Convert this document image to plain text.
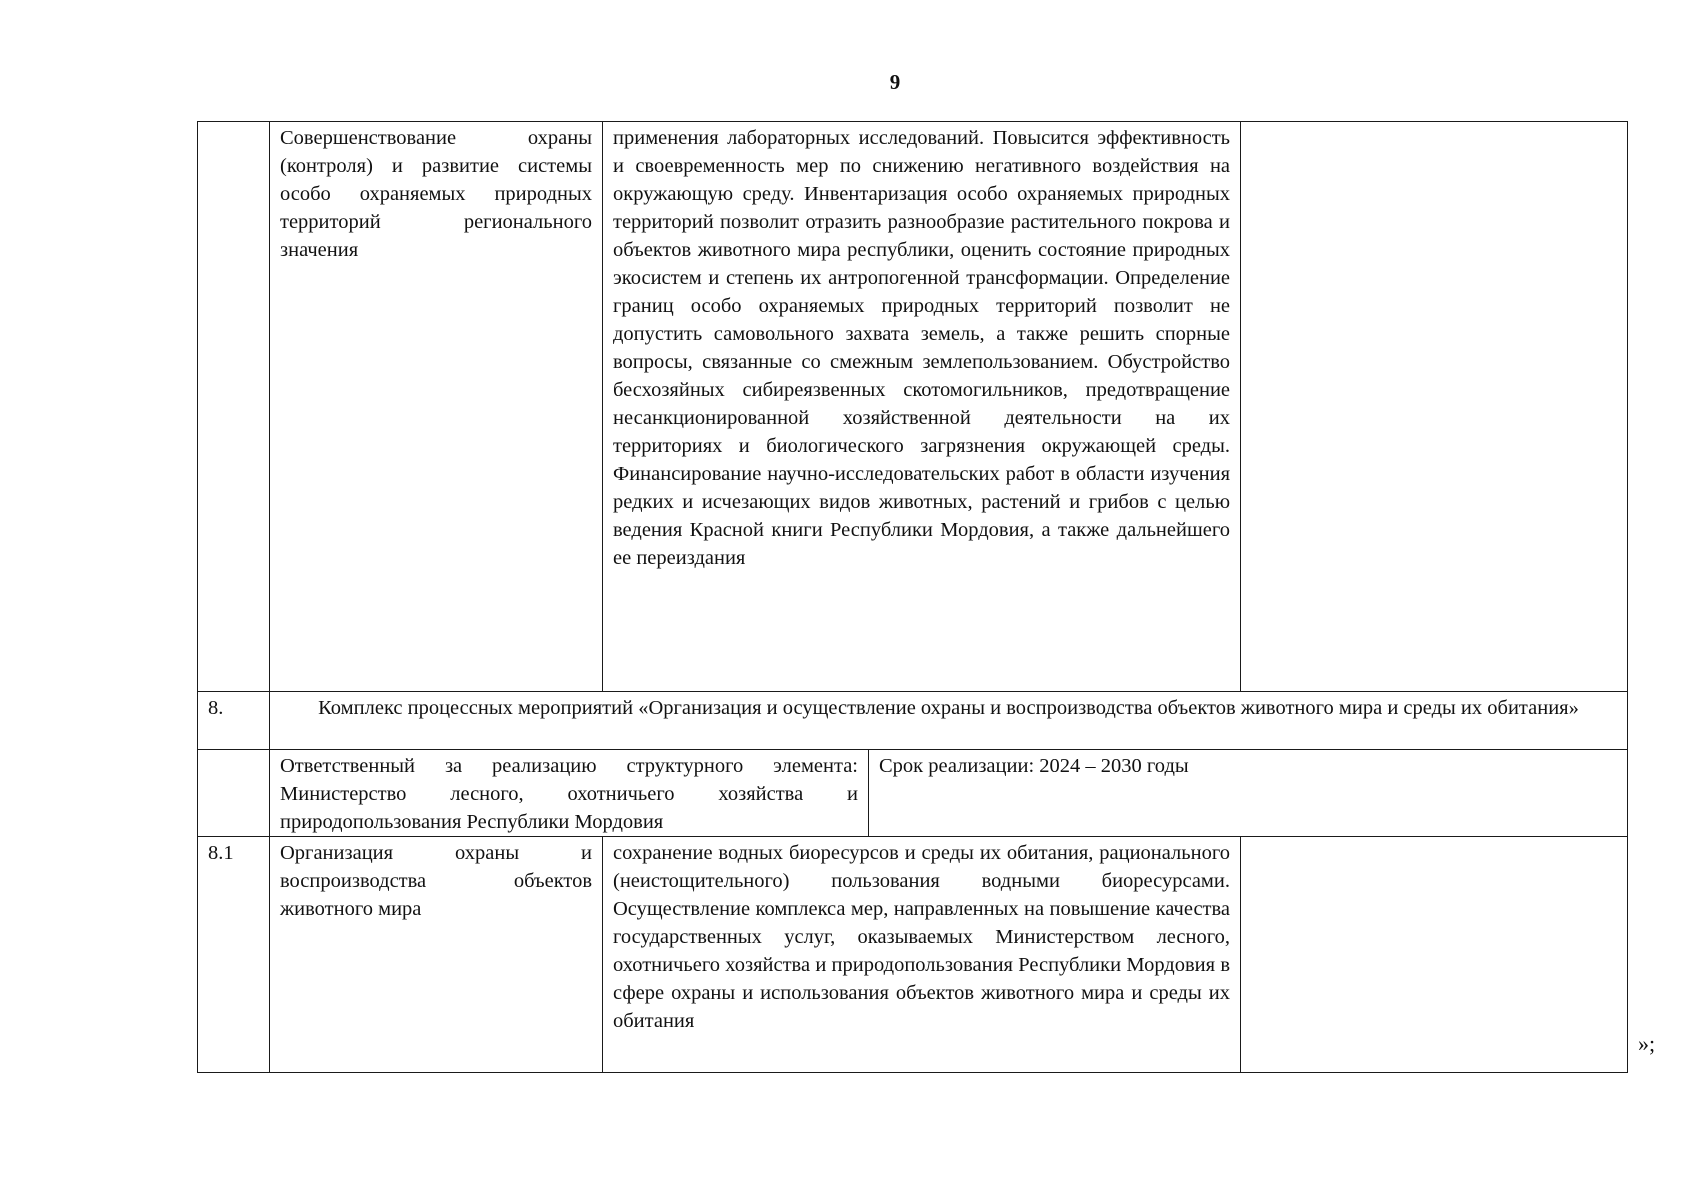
9
	Совершенствование охраны (контроля) и развитие системы особо охраняемых природных территорий регионального значения	применения лабораторных исследований. Повысится эффективность и своевременность мер по снижению негативного воздействия на окружающую среду. Инвентаризация особо охраняемых природных территорий позволит отразить разнообразие растительного покрова и объектов животного мира республики, оценить состояние природных экосистем и степень их антропогенной трансформации. Определение границ особо охраняемых природных территорий позволит не допустить самовольного захвата земель, а также решить спорные вопросы, связанные со смежным землепользованием. Обустройство бесхозяйных сибиреязвенных скотомогильников, предотвращение несанкционированной хозяйственной деятельности на их территориях и биологического загрязнения окружающей среды. Финансирование научно-исследовательских работ в области изучения редких и исчезающих видов животных, растений и грибов с целью ведения Красной книги Республики Мордовия, а также дальнейшего ее переиздания		
8.	Комплекс процессных мероприятий «Организация и осуществление охраны и воспроизводства объектов животного мира и среды их обитания»			
	Ответственный за реализацию структурного элемента: Министерство лесного, охотничьего хозяйства и природопользования Республики Мордовия		Срок реализации: 2024 – 2030 годы	
8.1	Организация охраны и воспроизводства объектов животного мира	сохранение водных биоресурсов и среды их обитания, рационального (неистощительного) пользования водными биоресурсами. Осуществление комплекса мер, направленных на повышение качества государственных услуг, оказываемых Министерством лесного, охотничьего хозяйства и природопользования Республики Мордовия в сфере охраны и использования объектов животного мира и среды их обитания		
»;
